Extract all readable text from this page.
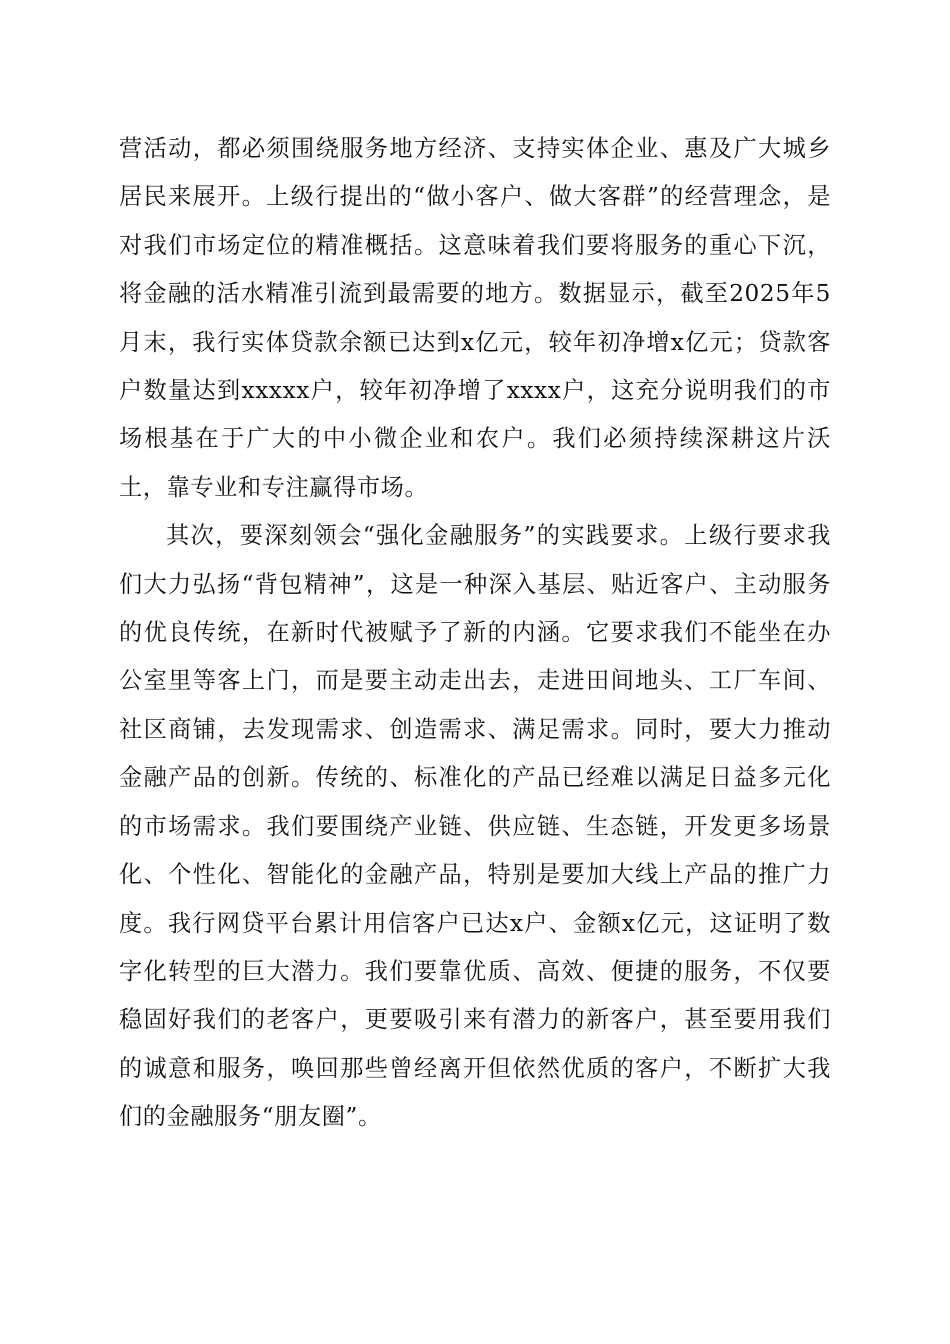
营活动，都必须围绕服务地方经济、支持实体企业、惠及广大城乡居民来展开。上级行提出的“做小客户、做大客群”的经营理念，是对我们市场定位的精准概括。这意味着我们要将服务的重心下沉，将金融的活水精准引流到最需要的地方。数据显示，截至2025年5月末，我行实体贷款余额已达到x亿元，较年初净增x亿元；贷款客户数量达到xxxxx户，较年初净增了xxxx户，这充分说明我们的市场根基在于广大的中小微企业和农户。我们必须持续深耕这片沃土，靠专业和专注赢得市场。

其次，要深刻领会“强化金融服务”的实践要求。上级行要求我们大力弘扬“背包精神”，这是一种深入基层、贴近客户、主动服务的优良传统，在新时代被赋予了新的内涵。它要求我们不能坐在办公室里等客上门，而是要主动走出去，走进田间地头、工厂车间、社区商铺，去发现需求、创造需求、满足需求。同时，要大力推动金融产品的创新。传统的、标准化的产品已经难以满足日益多元化的市场需求。我们要围绕产业链、供应链、生态链，开发更多场景化、个性化、智能化的金融产品，特别是要加大线上产品的推广力度。我行网贷平台累计用信客户已达x户、金额x亿元，这证明了数字化转型的巨大潜力。我们要靠优质、高效、便捷的服务，不仅要稳固好我们的老客户，更要吸引来有潜力的新客户，甚至要用我们的诚意和服务，唤回那些曾经离开但依然优质的客户，不断扩大我们的金融服务“朋友圈”。
